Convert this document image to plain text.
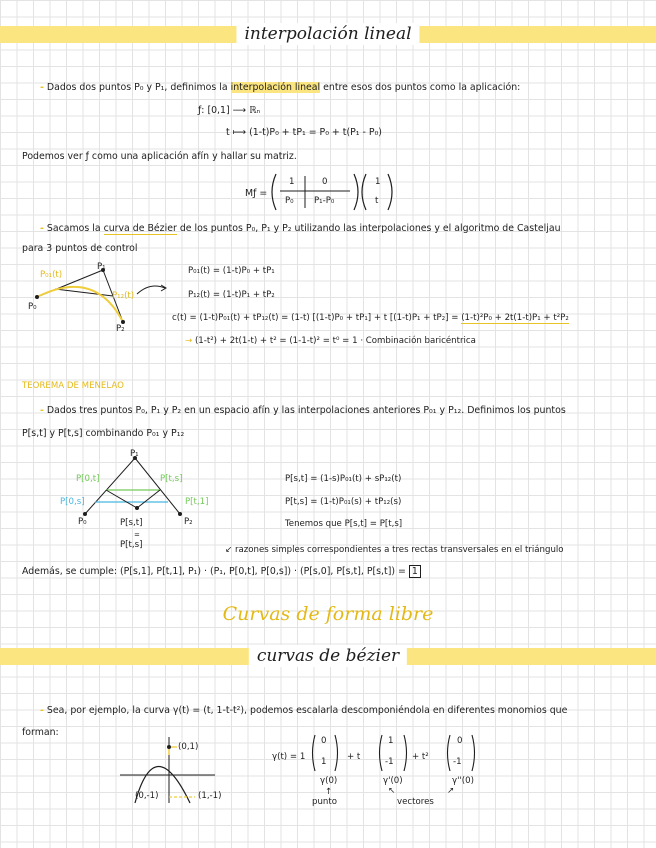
interpolación lineal
- Dados dos puntos P₀ y P₁, definimos la interpolación lineal entre esos dos puntos como la aplicación:
ƒ: [0,1] ⟶ ℝₙ
t ⟼ (1-t)P₀ + tP₁ = P₀ + t(P₁ - P₀)
Podemos ver ƒ como una aplicación afín y hallar su matriz.
Mƒ =
1	0
P₀ P₁-P₀
1
t
- Sacamos la curva de Bézier de los puntos P₀, P₁ y P₂ utilizando las interpolaciones y el algoritmo de Casteljau
para 3 puntos de control
P₁
P₀
P₂
P₀₁(t)
P₁₂(t)
P₀₁(t) = (1-t)P₀ + tP₁
P₁₂(t) = (1-t)P₁ + tP₂
c(t) = (1-t)P₀₁(t) + tP₁₂(t) = (1-t) [(1-t)P₀ + tP₁] + t [(1-t)P₁ + tP₂] = (1-t)²P₀ + 2t(1-t)P₁ + t²P₂
→ (1-t²) + 2t(1-t) + t² = (1-1-t)² = t⁰ = 1 · Combinación baricéntrica
TEOREMA DE MENELAO
- Dados tres puntos P₀, P₁ y P₂ en un espacio afín y las interpolaciones anteriores P₀₁ y P₁₂. Definimos los puntos
P[s,t] y P[t,s] combinando P₀₁ y P₁₂
P₁
P[0,t]	P[t,s]
P[0,s]	P[t,1]
P₀	P₂
P[s,t]
=
P[t,s]
P[s,t] = (1-s)P₀₁(t) + sP₁₂(t)
P[t,s] = (1-t)P₀₁(s) + tP₁₂(s)
Tenemos que P[s,t] = P[t,s]
↙ razones simples correspondientes a tres rectas transversales en el triángulo
Además, se cumple: (P[s,1], P[t,1], P₁) · (P₁, P[0,t], P[0,s]) · (P[s,0], P[s,t], P[s,t]) = 1
Curvas de forma libre
curvas de bézier
- Sea, por ejemplo, la curva γ(t) = (t, 1-t-t²), podemos escalarla descomponiéndola en diferentes monomios que
forman:
(0,1)
(0,-1)	(1,-1)
γ(t) = 1
0
1 + t
1
-1 + t²
0
-1
γ(0)	γ'(0)	γ''(0)
↑
punto
↖	↗
vectores
